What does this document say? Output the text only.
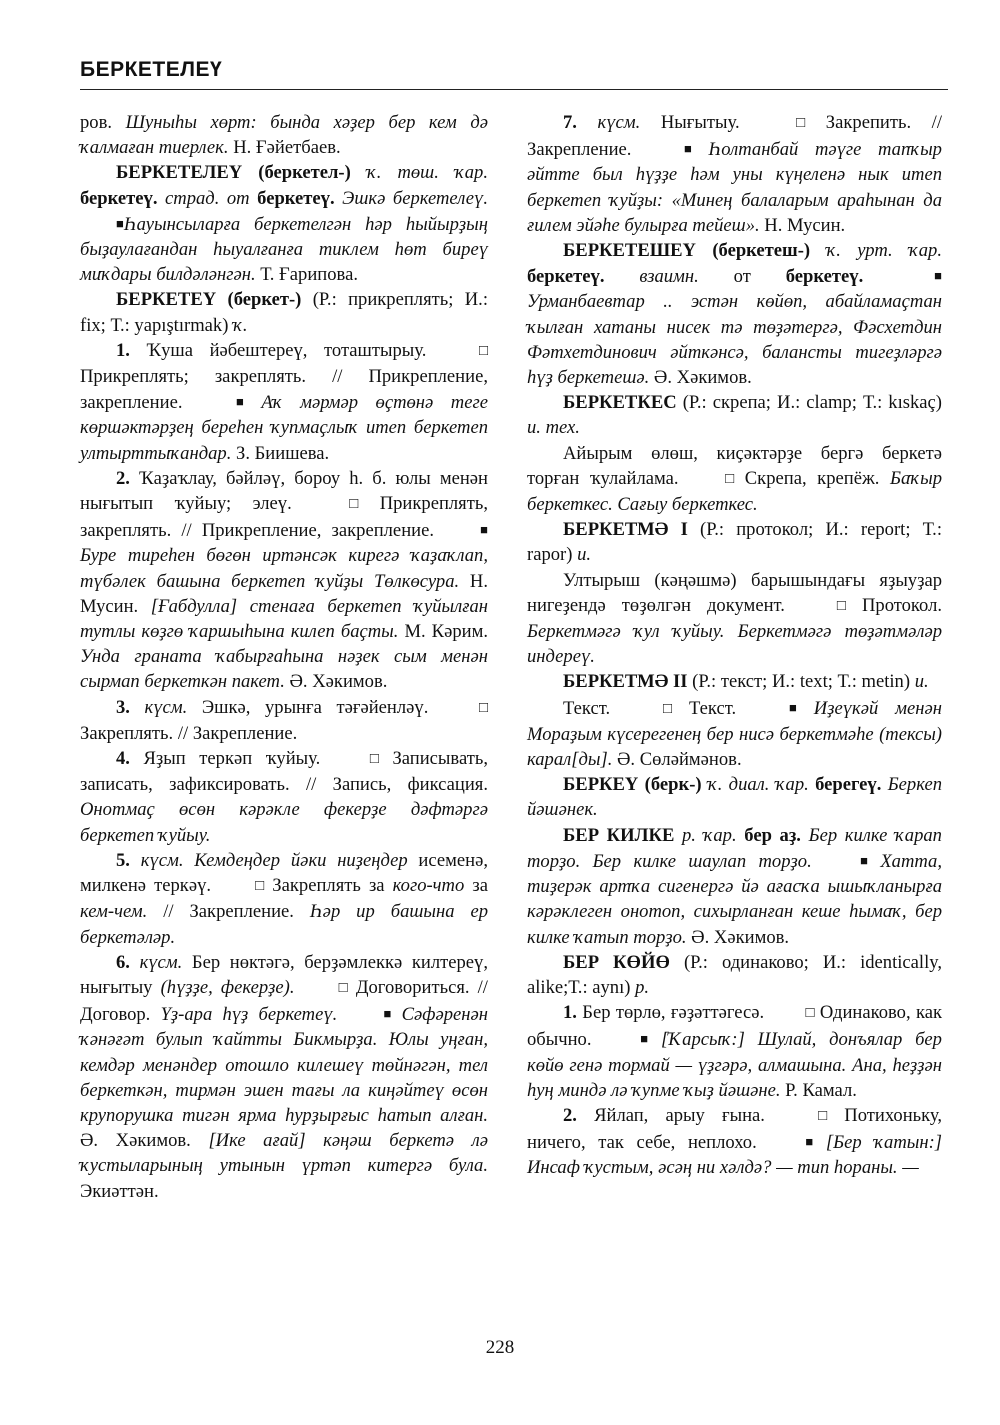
БЕРКЕТЕЛЕҮ

ров. Шуныһы хөрт: бында хәҙер бер кем дә ҡалмаған тиерлек. Н. Ғәйетбаев.

БЕРКЕТЕЛЕҮ (беркетел-) ҡ. төш. ҡар. беркетеү. страд. от беркетеү. Эшкә беркетелеү.■Һауынсыларға беркетелгән һәр һыйырҙың быҙаулағандан һыуалғанға тиклем һөт биреү миҡдары билдәләнгән. Т. Ғарипова.

БЕРКЕТЕҮ (беркет-) (Р.: прикреплять; И.: fix; Т.: yapıştırmak) ҡ.

1. Ҡуша йәбештереү, тоташтырыу. □ Прикреплять; закреплять. // Прикрепление, закрепление.	■ Аҡ мәрмәр өҫтөнә теге көршәктәрҙең береһен ҡупмаҫлыҡ итеп беркетеп ултырттыҡандар. З. Биишева.

2. Ҡаҙаҡлау, бәйләү, бороу һ. б. юлы менән нығытып ҡуйыу; элеү. □ Прикреплять, закреплять. // Прикрепление, закрепление.	■ Буре тиреһен бөгөн иртәнсәк кирегә ҡаҙаҡлап, түбәлек башына беркетеп ҡуйҙы Төлкөсура. Н. Мусин. [Ғабдулла] стенаға беркетеп ҡуйылған тутлы көҙгө ҡаршыһына килеп баҫты. М. Кәрим. Унда граната ҡабырғаһына нәҙек сым менән сырмап беркеткән пакет. Ә. Хәкимов.

3. күсм. Эшкә, урынға тәғәйенләү. □ Закреплять. // Закрепление.

4. Яҙып теркәп ҡуйыу. □ Записывать, записать, зафиксировать. // Запись, фиксация. Онотмаҫ өсөн кәрәкле фекерҙе дәфтәргә беркетеп ҡуйыу.

5. күсм. Кемдеңдер йәки ниҙеңдер исеменә, милкенә теркәү. □ Закреплять за кого-что за кем-чем. // Закрепление. Һәр ир башына ер беркетәләр.

6. күсм. Бер нөктәгә, берҙәмлеккә килтереү, нығытыу (һүҙҙе, фекерҙе).	□ Договориться. // Договор. Үҙ-ара һүҙ беркетеү.	■ Сәфәренән ҡәнәғәт булып ҡайтты Бикмырҙа. Юлы уңған, кемдәр менәндер отошло килешеү төйнәгән, тел беркеткән, тирмән эшен тағы ла киңәйтеү өсөн крупорушка тигән ярма һурҙырғыс һатып алған. Ә. Хәкимов. [Ике ағай] кәңәш беркетә лә ҡустыларының утынын үртәп китергә була. Экиәттән.

7. күсм. Нығытыу. □ Закрепить. // Закрепление.	■ Һолтанбай тәүге тапҡыр әйтте был һүҙҙе һәм уны күңеленә нык итеп беркетеп ҡуйҙы: «Минең балаларым араһынан да ғилем эйәһе булырға тейеш». Н. Мусин.

БЕРКЕТЕШЕҮ (беркетеш-) ҡ. урт. ҡар. беркетеү. взаимн. от беркетеү.	■ Урманбаевтар .. эстән көйөп, абайламаҫтан ҡылған хатаны нисек тә төҙәтергә, Фәсхетдин Фәтхетдинович әйткәнсә, балансты тигеҙләргә һүҙ беркетешә. Ә. Хәкимов.

БЕРКЕТКЕС (Р.: скрепа; И.: clamp; Т.: kıskaç) и. тех.

Айырым өлөш, киҫәктәрҙе бергә беркетә торған ҡулайлама. □ Скрепа, крепёж. Баҡыр беркеткес. Сағыу беркеткес.

БЕРКЕТМӘ I (Р.: протокол; И.: report; Т.: rapor) и.

Ултырыш (кәңәшмә) барышындағы яҙыуҙар нигеҙендә төҙөлгән документ. □ Протокол. Беркетмәгә ҡул ҡуйыу. Беркетмәгә төҙәтмәләр индереү.

БЕРКЕТМӘ II (Р.: текст; И.: text; Т.: metin) и.

Текст. □ Текст.	■ Иҙеүкәй менән Мораҙым күсерегенең бер нисә беркетмәһе (тексы) карал[ды]. Ә. Сөләймәнов.

БЕРКЕҮ (берк-) ҡ. диал. ҡар. берегеү. Беркеп йәшәнек.

БЕР КИЛКЕ р. ҡар. бер аҙ. Бер килке ҡарап торҙо. Бер килке шаулап торҙо.	■ Хатта, тиҙерәк артҡа сигенергә йә ағасҡа ышыҡланырға кәрәклеген онотоп, сихырланған кеше һымаҡ, бер килке ҡатып торҙо. Ә. Хәкимов.

БЕР КӨЙӨ (Р.: одинаково; И.: identically, alike;Т.: aynı) р.

1. Бер төрлө, ғәҙәттәгесә. □ Одинаково, как обычно.	■ [Ҡарсыҡ:] Шулай, донъялар бер көйө генә тормай — үҙгәрә, алмашына. Ана, һеҙҙән һуң миндә лә ҡупме ҡыҙ йәшәне. Р. Камал.

2. Яйлап, арыу ғына. □ Потихоньку, ничего, так себе, неплохо.	■ [Бер ҡатын:] Инсаф ҡустым, әсәң ни хәлдә? — тип һораны. —

228
